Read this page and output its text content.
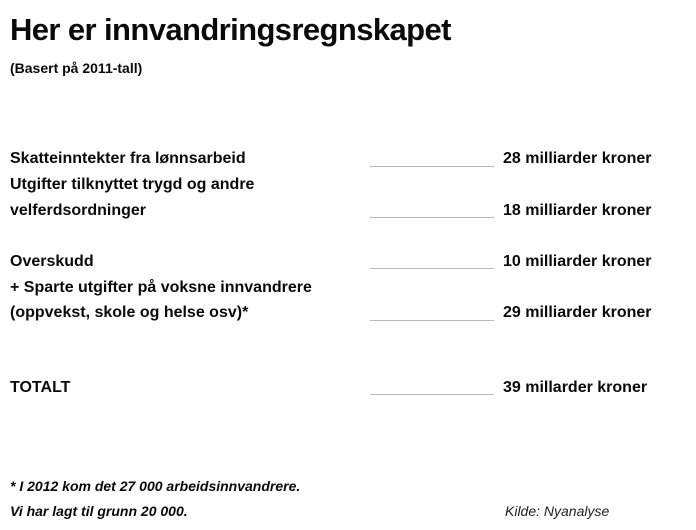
Her er innvandringsregnskapet
(Basert på 2011-tall)
Skatteinntekter fra lønnsarbeid	28 milliarder kroner
Utgifter tilknyttet trygd og andre
velferdsordninger	18 milliarder kroner
Overskudd	10 milliarder kroner
+ Sparte utgifter på voksne innvandrere
(oppvekst, skole og helse osv)*	29 milliarder kroner
TOTALT	39 millarder kroner
* I 2012 kom det 27 000 arbeidsinnvandrere.
Vi har lagt til grunn 20 000.	Kilde: Nyanalyse
